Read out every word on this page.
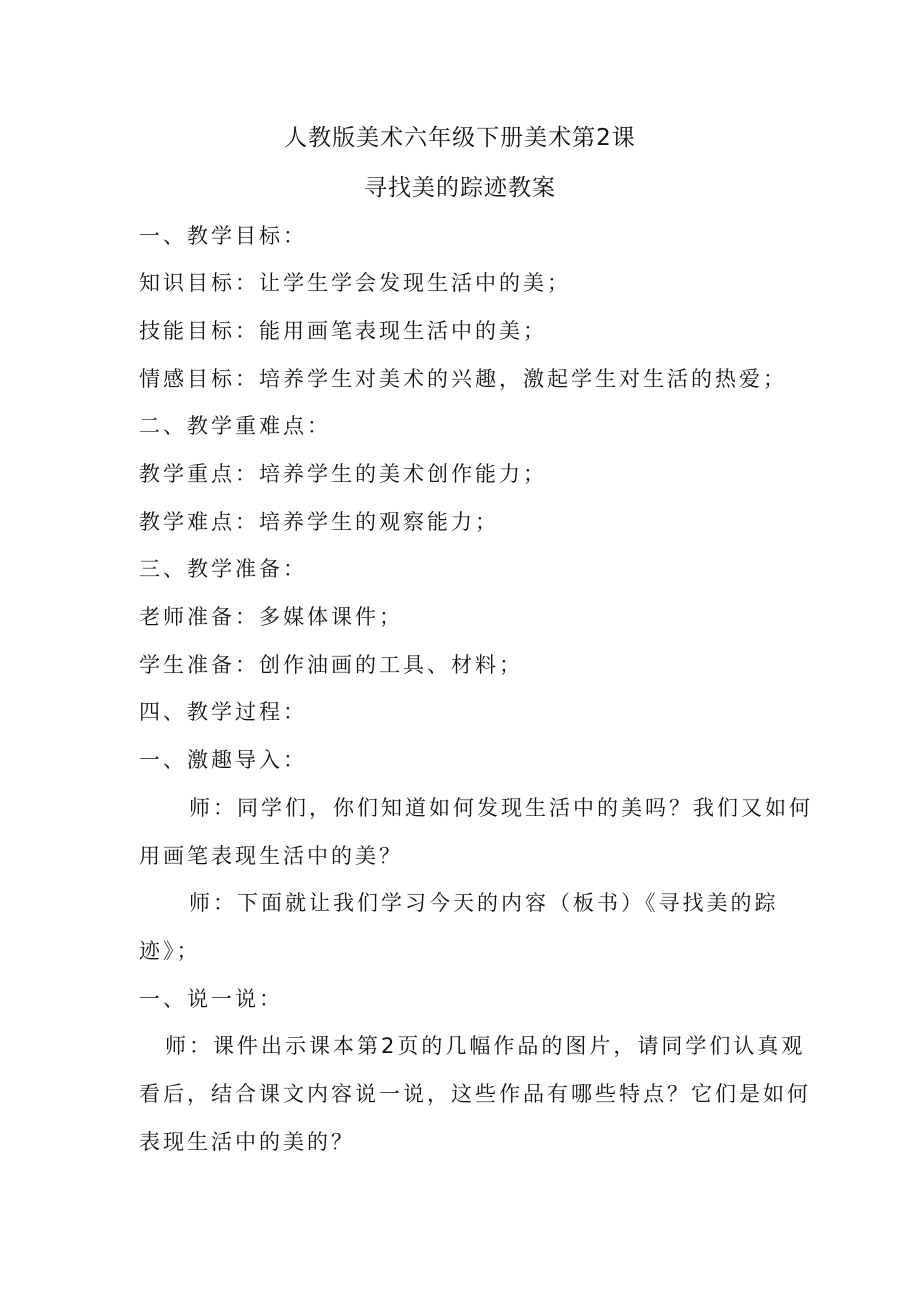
人教版美术六年级下册美术第2课
寻找美的踪迹教案
一、教学目标：
知识目标：让学生学会发现生活中的美；
技能目标：能用画笔表现生活中的美；
情感目标：培养学生对美术的兴趣，激起学生对生活的热爱；
二、教学重难点：
教学重点：培养学生的美术创作能力；
教学难点：培养学生的观察能力；
三、教学准备：
老师准备：多媒体课件；
学生准备：创作油画的工具、材料；
四、教学过程：
一、激趣导入：
师：同学们，你们知道如何发现生活中的美吗？我们又如何
用画笔表现生活中的美？
师：下面就让我们学习今天的内容（板书）《寻找美的踪
迹》；
一、说一说：
师：课件出示课本第2页的几幅作品的图片，请同学们认真观
看后，结合课文内容说一说，这些作品有哪些特点？它们是如何
表现生活中的美的？
